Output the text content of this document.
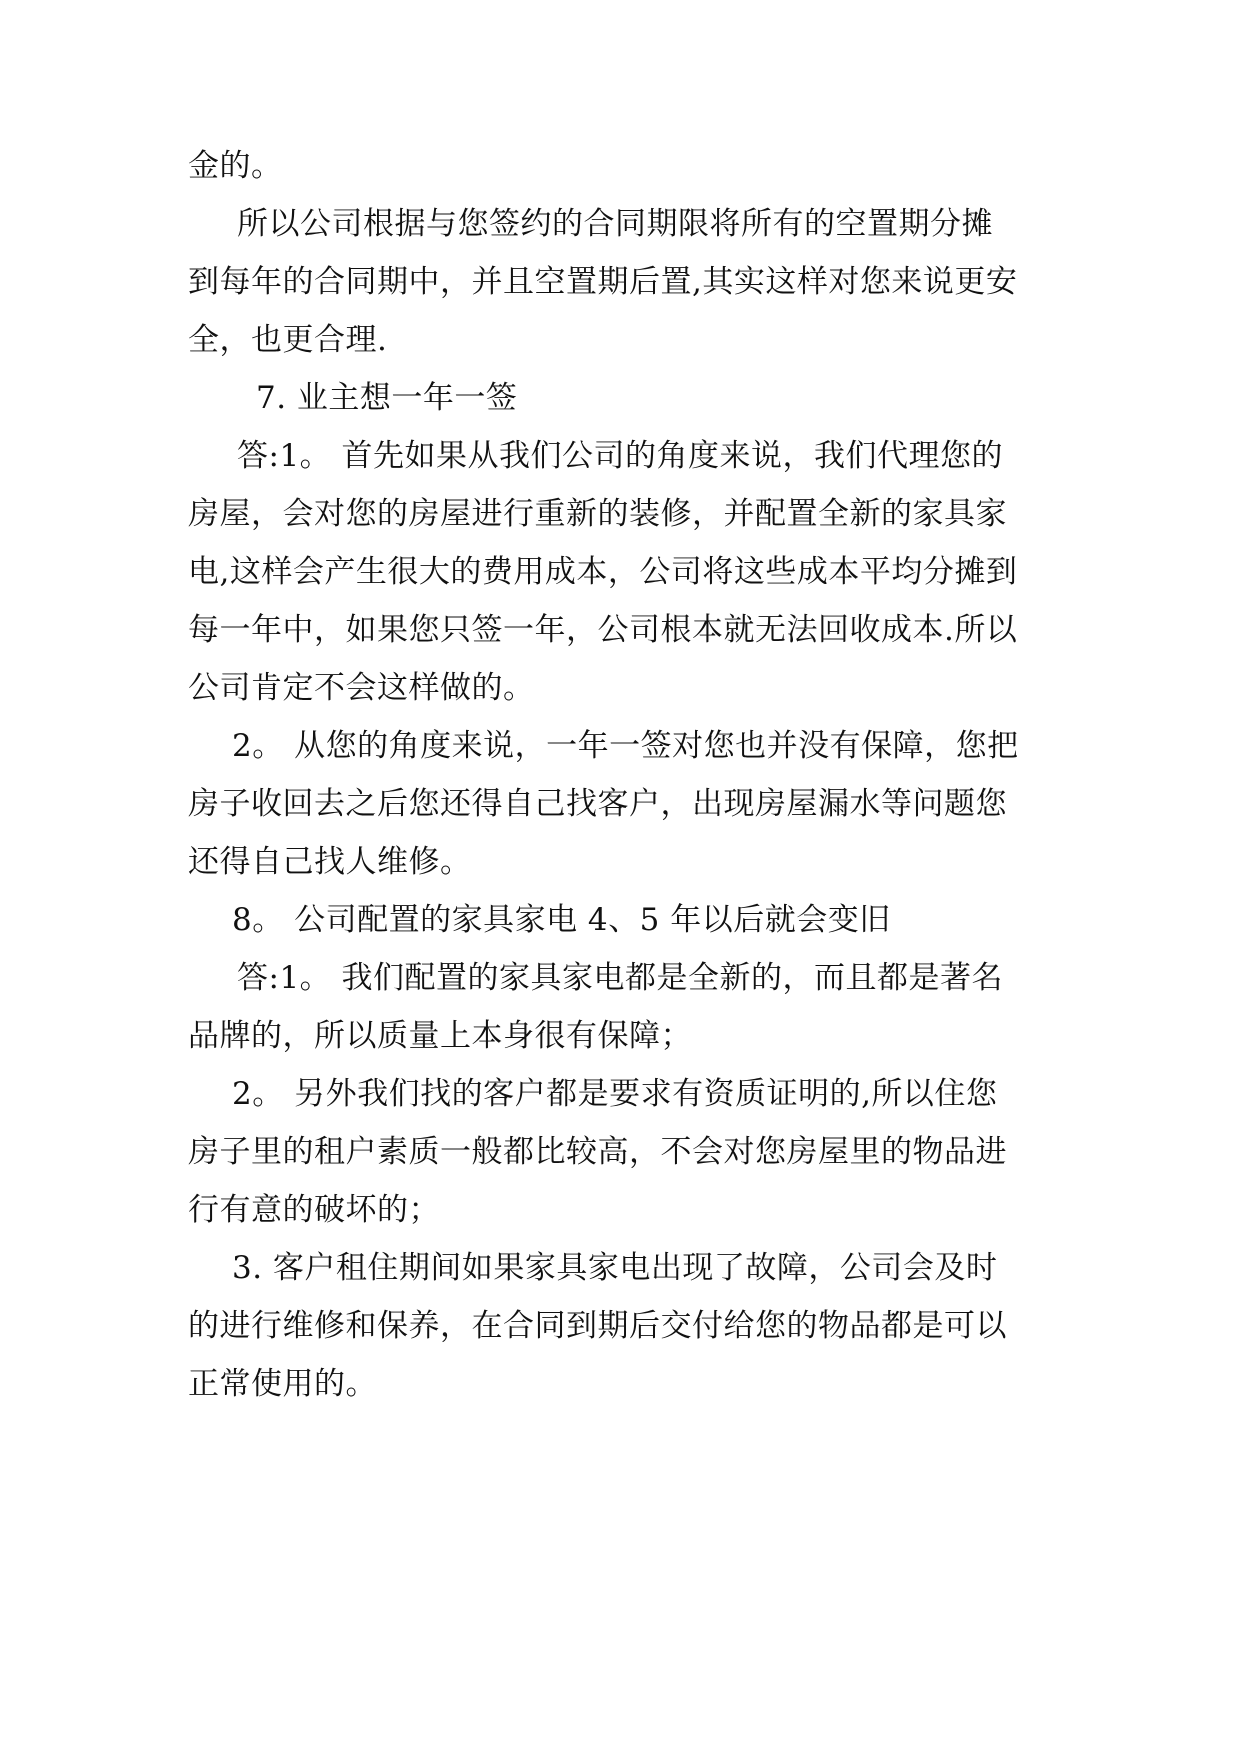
金的。
所以公司根据与您签约的合同期限将所有的空置期分摊
到每年的合同期中，并且空置期后置,其实这样对您来说更安
全，也更合理.
7. 业主想一年一签
答:1。 首先如果从我们公司的角度来说，我们代理您的
房屋，会对您的房屋进行重新的装修，并配置全新的家具家
电,这样会产生很大的费用成本，公司将这些成本平均分摊到
每一年中，如果您只签一年，公司根本就无法回收成本.所以
公司肯定不会这样做的。
2。 从您的角度来说，一年一签对您也并没有保障，您把
房子收回去之后您还得自己找客户，出现房屋漏水等问题您
还得自己找人维修。
8。 公司配置的家具家电 4、5 年以后就会变旧
答:1。 我们配置的家具家电都是全新的，而且都是著名
品牌的，所以质量上本身很有保障；
2。 另外我们找的客户都是要求有资质证明的,所以住您
房子里的租户素质一般都比较高，不会对您房屋里的物品进
行有意的破坏的；
3. 客户租住期间如果家具家电出现了故障，公司会及时
的进行维修和保养，在合同到期后交付给您的物品都是可以
正常使用的。
